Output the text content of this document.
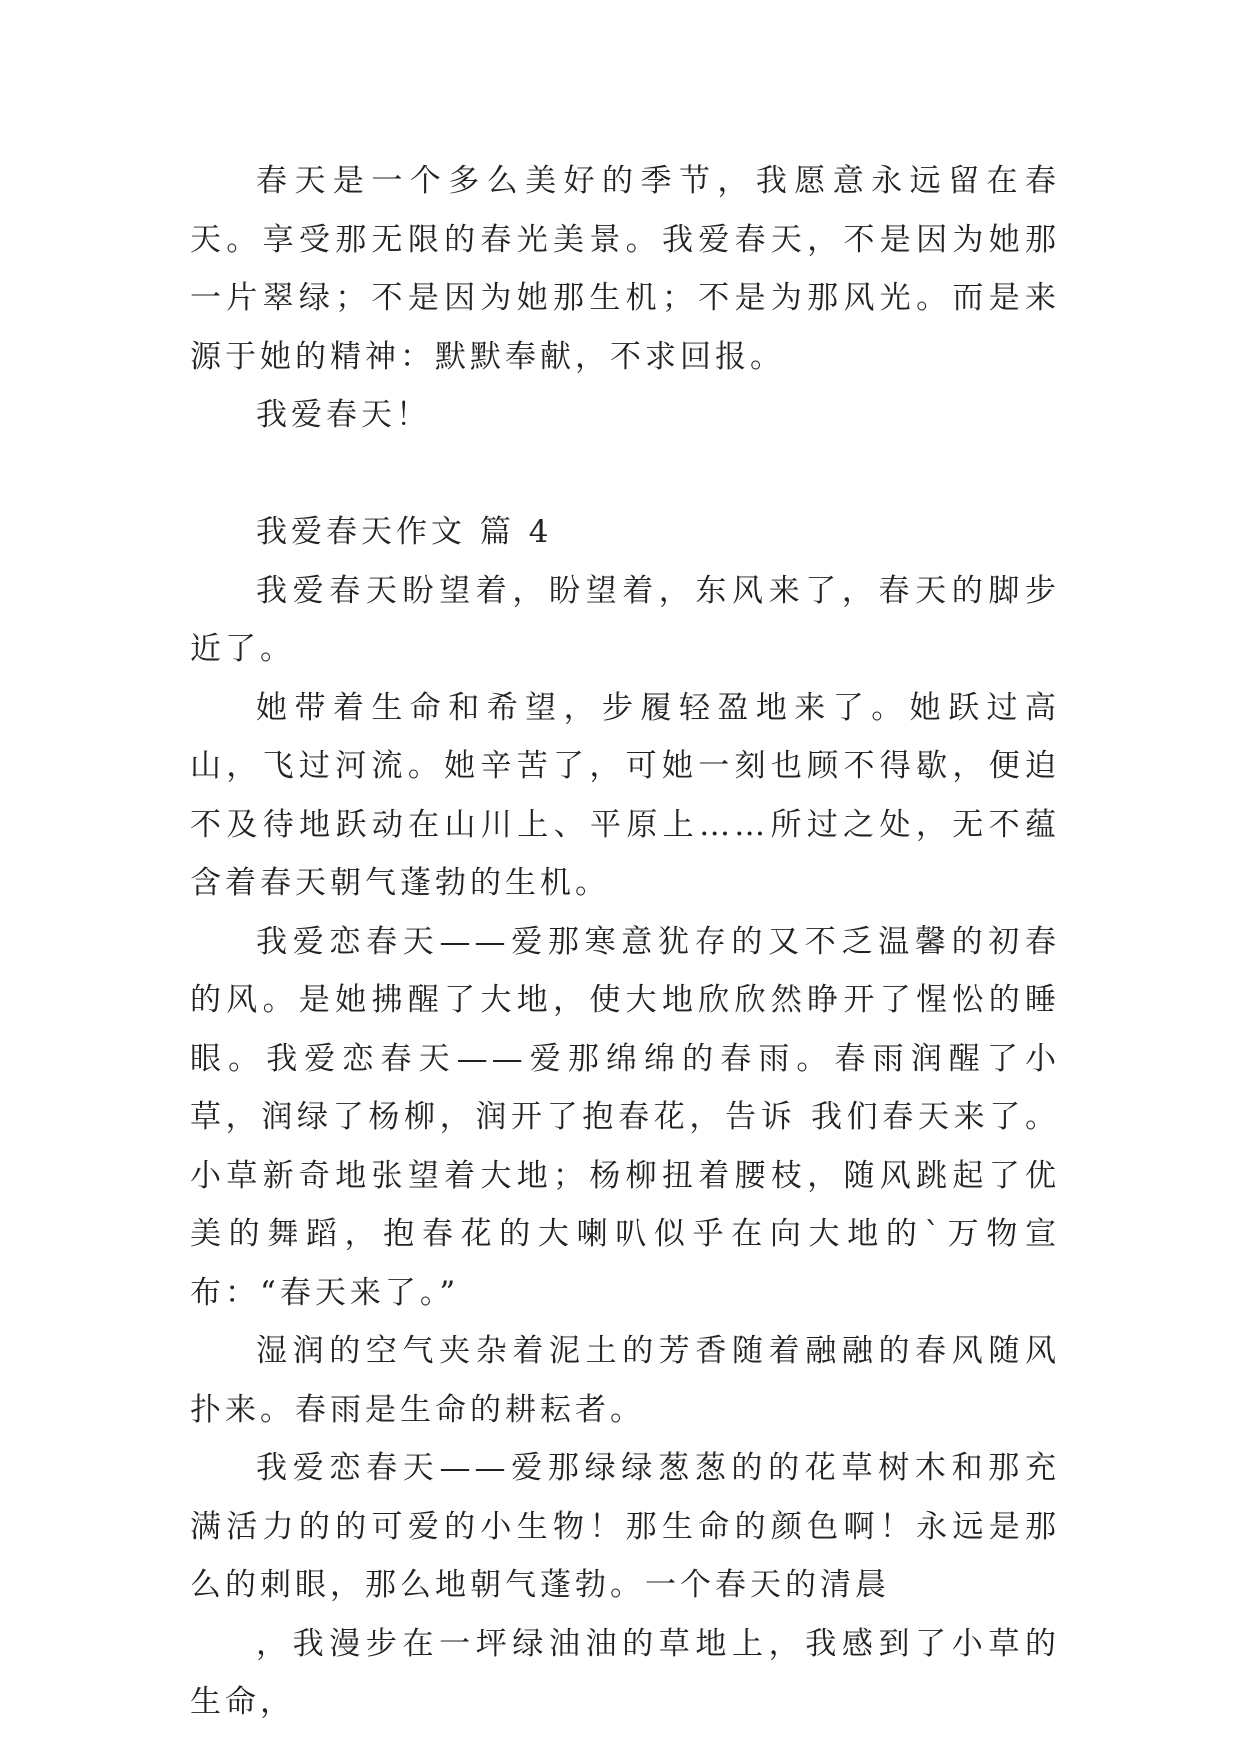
春天是一个多么美好的季节，我愿意永远留在春天。享受那无限的春光美景。我爱春天，不是因为她那一片翠绿；不是因为她那生机；不是为那风光。而是来源于她的精神：默默奉献，不求回报。

我爱春天！

我爱春天作文 篇 4

我爱春天盼望着，盼望着，东风来了，春天的脚步近了。

她带着生命和希望，步履轻盈地来了。她跃过高山，飞过河流。她辛苦了，可她一刻也顾不得歇，便迫不及待地跃动在山川上、平原上……所过之处，无不蕴含着春天朝气蓬勃的生机。

我爱恋春天——爱那寒意犹存的又不乏温馨的初春的风。是她拂醒了大地，使大地欣欣然睁开了惺忪的睡眼。我爱恋春天——爱那绵绵的春雨。春雨润醒了小草，润绿了杨柳，润开了抱春花，告诉 我们春天来了。小草新奇地张望着大地；杨柳扭着腰枝，随风跳起了优美的舞蹈，抱春花的大喇叭似乎在向大地的`万物宣布：“春天来了。”

湿润的空气夹杂着泥土的芳香随着融融的春风随风扑来。春雨是生命的耕耘者。

我爱恋春天——爱那绿绿葱葱的的花草树木和那充满活力的的可爱的小生物！那生命的颜色啊！永远是那么的刺眼，那么地朝气蓬勃。一个春天的清晨

，我漫步在一坪绿油油的草地上，我感到了小草的生命，
